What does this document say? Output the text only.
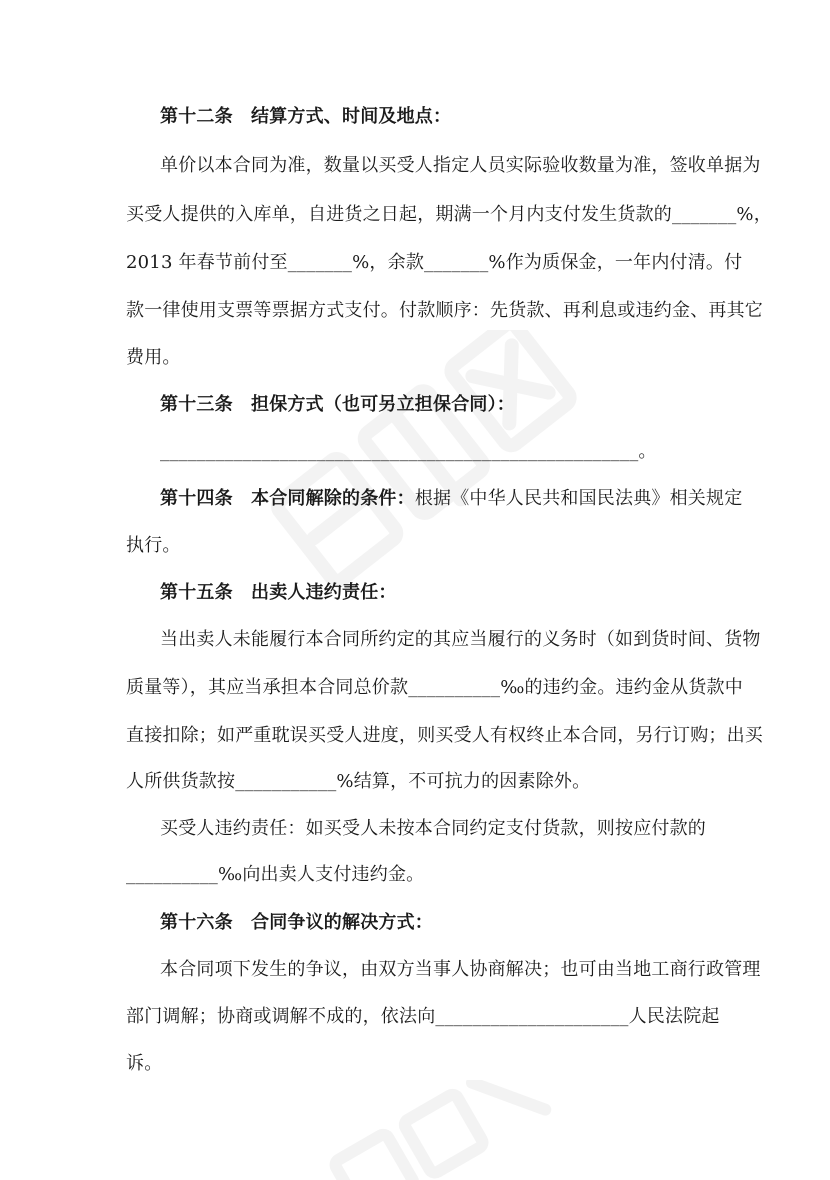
第十二条　结算方式、时间及地点：
单价以本合同为准，数量以买受人指定人员实际验收数量为准，签收单据为
买受人提供的入库单，自进货之日起，期满一个月内支付发生货款的_______%，
2013 年春节前付至_______%，余款_______%作为质保金，一年内付清。付
款一律使用支票等票据方式支付。付款顺序：先货款、再利息或违约金、再其它
费用。
第十三条　担保方式（也可另立担保合同）：
____________________________________________________。
第十四条　本合同解除的条件：根据《中华人民共和国民法典》相关规定
执行。
第十五条　出卖人违约责任：
当出卖人未能履行本合同所约定的其应当履行的义务时（如到货时间、货物
质量等），其应当承担本合同总价款__________‰的违约金。违约金从货款中
直接扣除；如严重耽误买受人进度，则买受人有权终止本合同，另行订购；出买
人所供货款按___________%结算，不可抗力的因素除外。
买受人违约责任：如买受人未按本合同约定支付货款，则按应付款的
__________‰向出卖人支付违约金。
第十六条　合同争议的解决方式：
本合同项下发生的争议，由双方当事人协商解决；也可由当地工商行政管理
部门调解；协商或调解不成的，依法向_____________________人民法院起
诉。
